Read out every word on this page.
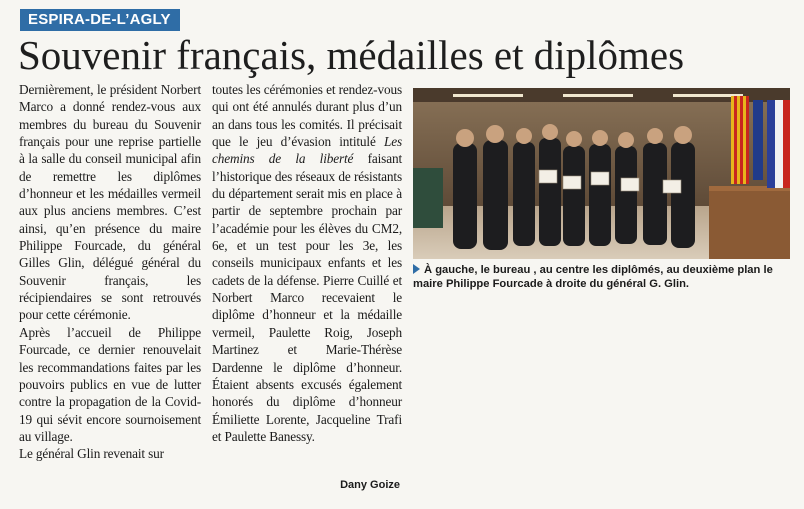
ESPIRA-DE-L’AGLY
Souvenir français, médailles et diplômes

Dernièrement, le président Norbert Marco a donné rendez-vous aux membres du bureau du Souvenir français pour une reprise partielle à la salle du conseil municipal afin de remettre les diplômes d’honneur et les médailles vermeil aux plus anciens membres. C’est ainsi, qu’en présence du maire Philippe Fourcade, du général Gilles Glin, délégué général du Souvenir français, les récipiendaires se sont retrouvés pour cette cérémonie.

Après l’accueil de Philippe Fourcade, ce dernier renouvelait les recommandations faites par les pouvoirs publics en vue de lutter contre la propagation de la Covid-19 qui sévit encore sournoisement au village.

Le général Glin revenait sur

toutes les cérémonies et rendez-vous qui ont été annulés durant plus d’un an dans tous les comités. Il précisait que le jeu d’évasion intitulé Les chemins de la liberté faisant l’historique des réseaux de résistants du département serait mis en place à partir de septembre prochain par l’académie pour les élèves du CM2, 6e, et un test pour les 3e, les conseils municipaux enfants et les cadets de la défense. Pierre Cuillé et Norbert Marco recevaient le diplôme d’honneur et la médaille vermeil, Paulette Roig, Joseph Martinez et Marie-Thérèse Dardenne le diplôme d’honneur. Étaient absents excusés également honorés du diplôme d’honneur Émiliette Lorente, Jacqueline Trafi et Paulette Banessy.

À gauche, le bureau , au centre les diplômés, au deuxième plan le maire Philippe Fourcade à droite du général G. Glin.
Dany Goize
